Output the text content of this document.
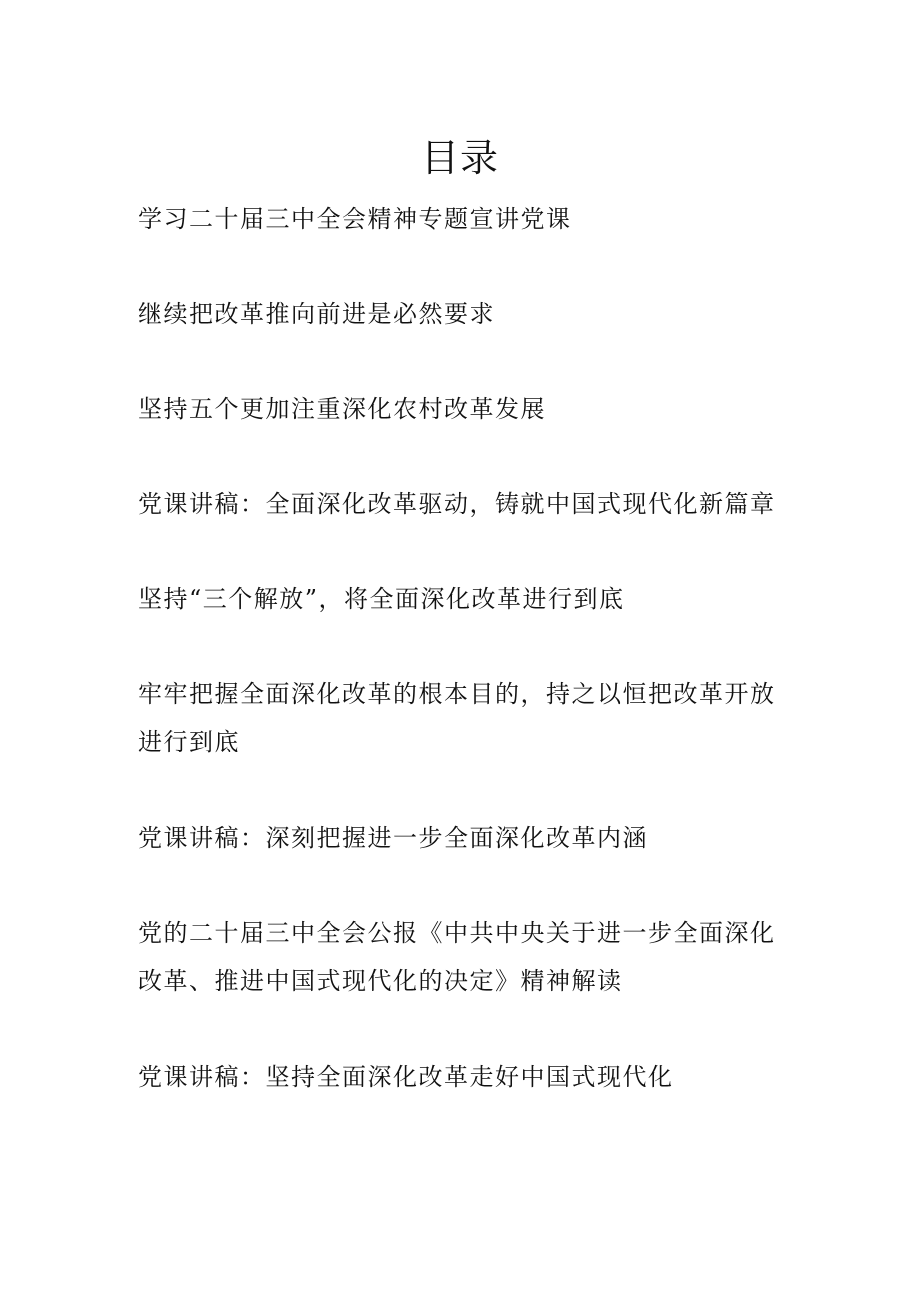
目录
学习二十届三中全会精神专题宣讲党课
继续把改革推向前进是必然要求
坚持五个更加注重深化农村改革发展
党课讲稿：全面深化改革驱动，铸就中国式现代化新篇章
坚持“三个解放”，将全面深化改革进行到底
牢牢把握全面深化改革的根本目的，持之以恒把改革开放进行到底
党课讲稿：深刻把握进一步全面深化改革内涵
党的二十届三中全会公报《中共中央关于进一步全面深化改革、推进中国式现代化的决定》精神解读
党课讲稿：坚持全面深化改革走好中国式现代化
